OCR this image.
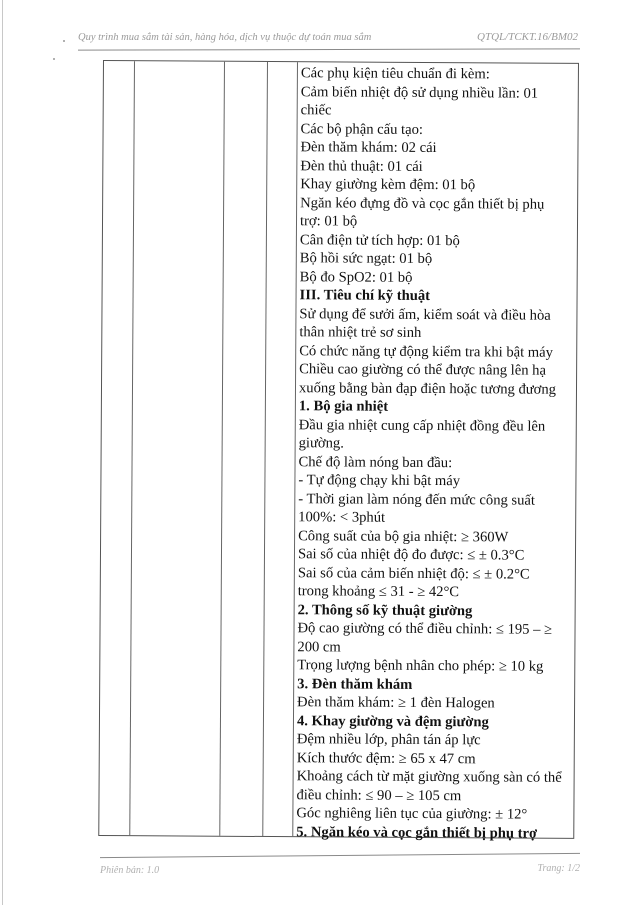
Quy trình mua sắm tài sản, hàng hóa, dịch vụ thuộc dự toán mua sắm	QTQL/TCKT.16/BM02
Các phụ kiện tiêu chuẩn đi kèm:
Cảm biến nhiệt độ sử dụng nhiều lần: 01
chiếc
Các bộ phận cấu tạo:
Đèn thăm khám: 02 cái
Đèn thủ thuật: 01 cái
Khay giường kèm đệm: 01 bộ
Ngăn kéo đựng đồ và cọc gắn thiết bị phụ
trợ: 01 bộ
Cân điện tử tích hợp: 01 bộ
Bộ hồi sức ngạt: 01 bộ
Bộ đo SpO2: 01 bộ
III. Tiêu chí kỹ thuật
Sử dụng để sưởi ấm, kiểm soát và điều hòa
thân nhiệt trẻ sơ sinh
Có chức năng tự động kiểm tra khi bật máy
Chiều cao giường có thể được nâng lên hạ
xuống bằng bàn đạp điện hoặc tương đương
1. Bộ gia nhiệt
Đầu gia nhiệt cung cấp nhiệt đồng đều lên
giường.
Chế độ làm nóng ban đầu:
- Tự động chạy khi bật máy
- Thời gian làm nóng đến mức công suất
100%: < 3phút
Công suất của bộ gia nhiệt: ≥ 360W
Sai số của nhiệt độ đo được: ≤ ± 0.3°C
Sai số của cảm biến nhiệt độ: ≤ ± 0.2°C
trong khoảng ≤ 31 - ≥ 42°C
2. Thông số kỹ thuật giường
Độ cao giường có thể điều chỉnh: ≤ 195 – ≥
200 cm
Trọng lượng bệnh nhân cho phép: ≥ 10 kg
3. Đèn thăm khám
Đèn thăm khám: ≥ 1 đèn Halogen
4. Khay giường và đệm giường
Đệm nhiều lớp, phân tán áp lực
Kích thước đệm: ≥ 65 x 47 cm
Khoảng cách từ mặt giường xuống sàn có thể
điều chỉnh: ≤ 90 – ≥ 105 cm
Góc nghiêng liên tục của giường: ± 12°
5. Ngăn kéo và cọc gắn thiết bị phụ trợ
Phiên bản: 1.0	Trang: 1/2
